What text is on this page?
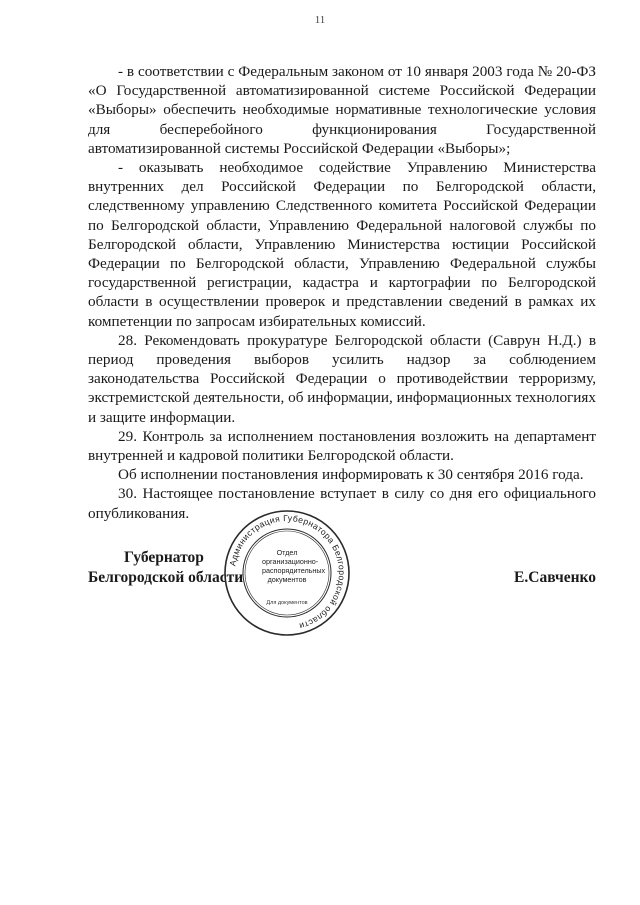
11

- в соответствии с Федеральным законом от 10 января 2003 года № 20-ФЗ «О Государственной автоматизированной системе Российской Федерации «Выборы» обеспечить необходимые нормативные технологические условия для бесперебойного функционирования Государственной автоматизированной системы Российской Федерации «Выборы»;

- оказывать необходимое содействие Управлению Министерства внутренних дел Российской Федерации по Белгородской области, следственному управлению Следственного комитета Российской Федерации по Белгородской области, Управлению Федеральной налоговой службы по Белгородской области, Управлению Министерства юстиции Российской Федерации по Белгородской области, Управлению Федеральной службы государственной регистрации, кадастра и картографии по Белгородской области в осуществлении проверок и представлении сведений в рамках их компетенции по запросам избирательных комиссий.

28. Рекомендовать прокуратуре Белгородской области (Саврун Н.Д.) в период проведения выборов усилить надзор за соблюдением законодательства Российской Федерации о противодействии терроризму, экстремистской деятельности, об информации, информационных технологиях и защите информации.

29. Контроль за исполнением постановления возложить на департамент внутренней и кадровой политики Белгородской области.

Об исполнении постановления информировать к 30 сентября 2016 года.

30. Настоящее постановление вступает в силу со дня его официального опубликования.

Губернатор
Белгородской области	Е.Савченко
Администрация Губернатора Белгородской области
Отдел организационно-распорядительных документов
Для документов
